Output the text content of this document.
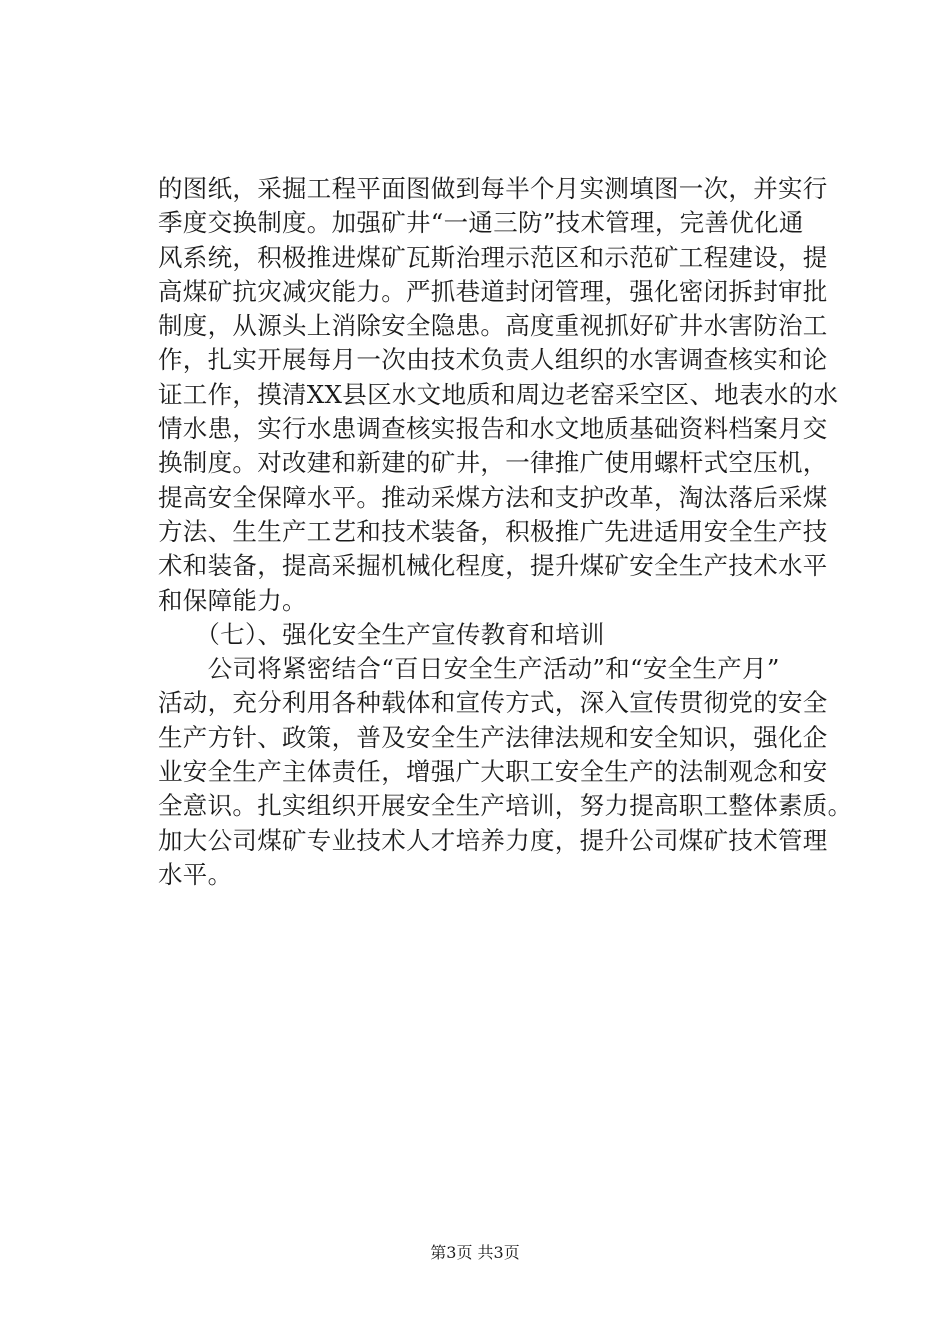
的图纸，采掘工程平面图做到每半个月实测填图一次，并实行
季度交换制度。加强矿井“一通三防”技术管理，完善优化通
风系统，积极推进煤矿瓦斯治理示范区和示范矿工程建设，提
高煤矿抗灾减灾能力。严抓巷道封闭管理，强化密闭拆封审批
制度，从源头上消除安全隐患。高度重视抓好矿井水害防治工
作，扎实开展每月一次由技术负责人组织的水害调查核实和论
证工作，摸清XX县区水文地质和周边老窑采空区、地表水的水
情水患，实行水患调查核实报告和水文地质基础资料档案月交
换制度。对改建和新建的矿井，一律推广使用螺杆式空压机，
提高安全保障水平。推动采煤方法和支护改革，淘汰落后采煤
方法、生生产工艺和技术装备，积极推广先进适用安全生产技
术和装备，提高采掘机械化程度，提升煤矿安全生产技术水平
和保障能力。
　　（七）、强化安全生产宣传教育和培训
　　公司将紧密结合“百日安全生产活动”和“安全生产月”
活动，充分利用各种载体和宣传方式，深入宣传贯彻党的安全
生产方针、政策，普及安全生产法律法规和安全知识，强化企
业安全生产主体责任，增强广大职工安全生产的法制观念和安
全意识。扎实组织开展安全生产培训，努力提高职工整体素质。
加大公司煤矿专业技术人才培养力度，提升公司煤矿技术管理
水平。
第3页 共3页
